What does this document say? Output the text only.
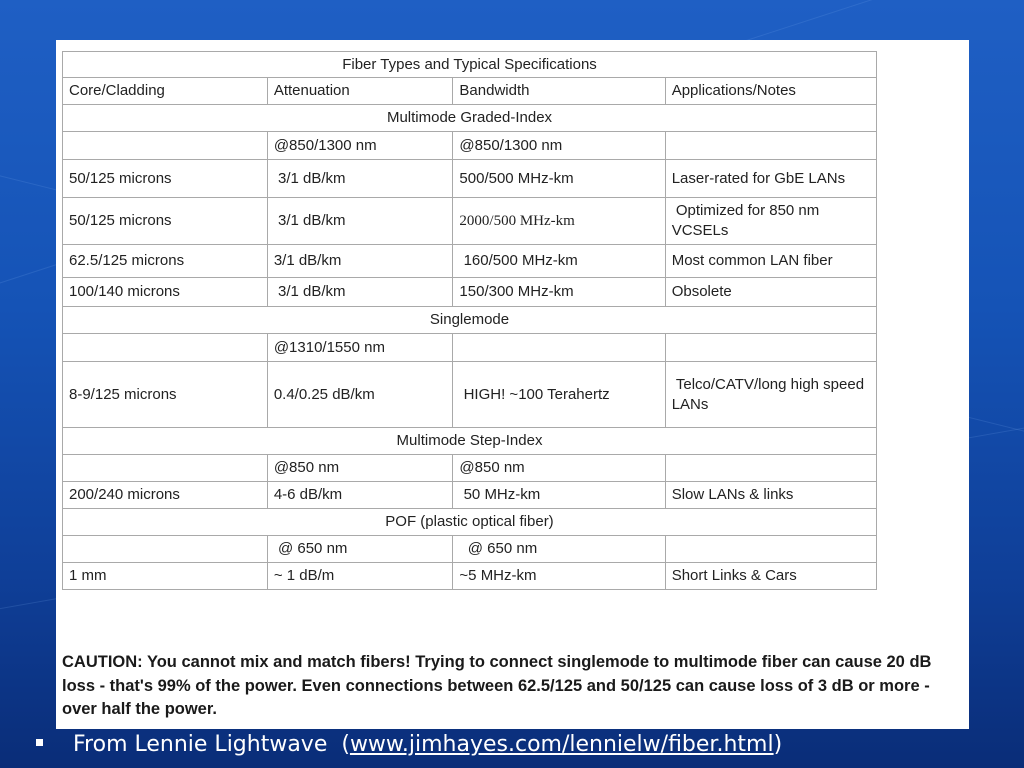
Fiber Types and Typical Specifications			
Core/Cladding	Attenuation	Bandwidth	Applications/Notes
Multimode Graded-Index			
	@850/1300 nm	@850/1300 nm	
50/125 microns	3/1 dB/km	500/500 MHz-km	Laser-rated for GbE LANs
50/125 microns	3/1 dB/km	2000/500 MHz-km	Optimized for 850 nm VCSELs
62.5/125 microns	3/1 dB/km	160/500 MHz-km	Most common LAN fiber
100/140 microns	3/1 dB/km	150/300 MHz-km	Obsolete
Singlemode			
	@1310/1550 nm		
8-9/125 microns	0.4/0.25 dB/km	HIGH! ~100 Terahertz	Telco/CATV/long high speed LANs
Multimode Step-Index			
	@850 nm	@850 nm	
200/240 microns	4-6 dB/km	50 MHz-km	Slow LANs & links
POF (plastic optical fiber)			
	@ 650 nm	@ 650 nm	
1 mm	~ 1 dB/m	~5 MHz-km	Short Links & Cars
CAUTION: You cannot mix and match fibers! Trying to connect singlemode to multimode fiber can cause 20 dB loss - that's 99% of the power. Even connections between 62.5/125 and 50/125 can cause loss of 3 dB or more - over half the power.
From Lennie Lightwave  (www.jimhayes.com/lennielw/fiber.html)
